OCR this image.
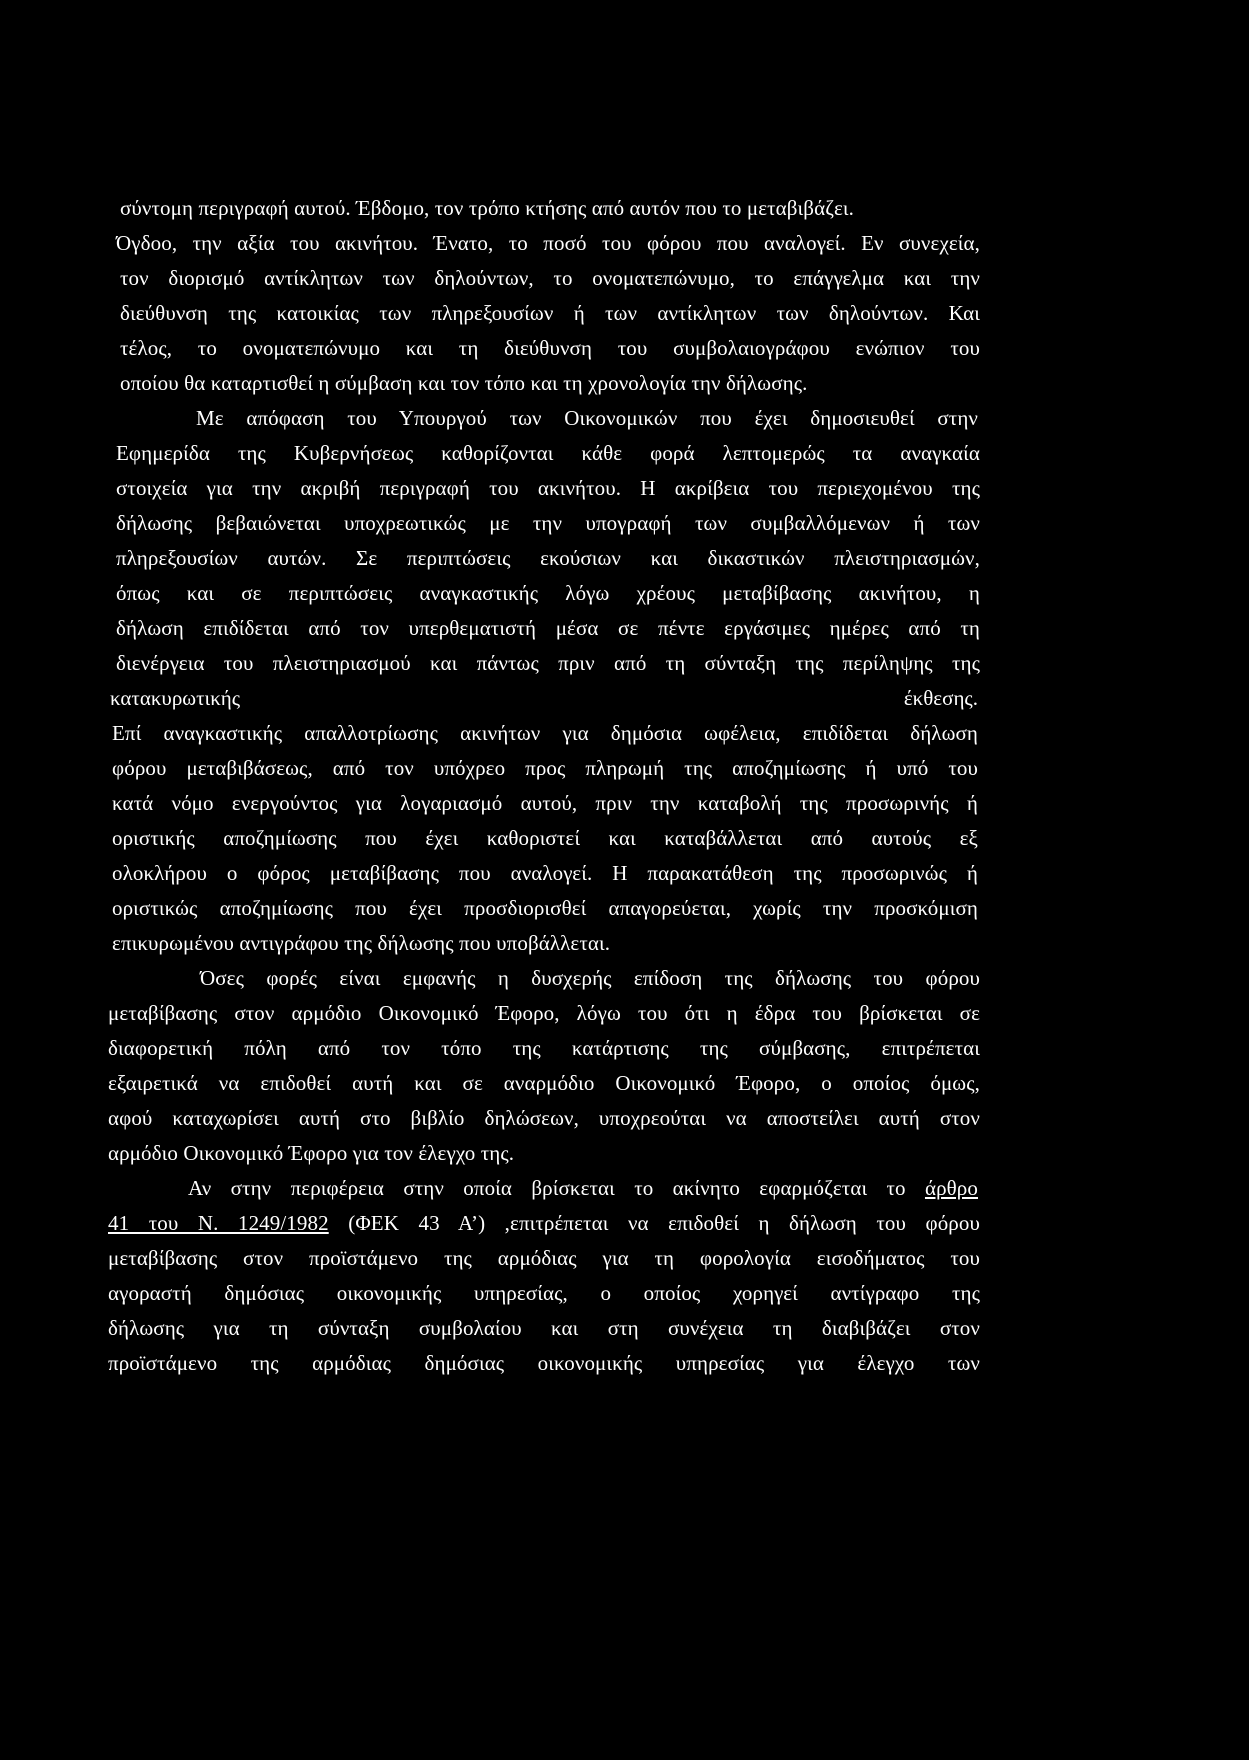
σύντομη περιγραφή αυτού. Έβδομο, τον τρόπο κτήσης από αυτόν που το μεταβιβάζει.
Όγδοο, την αξία του ακινήτου. Ένατο, το ποσό του φόρου που αναλογεί. Εν συνεχεία,
τον διορισμό αντίκλητων των δηλούντων, το ονοματεπώνυμο, το επάγγελμα και την
διεύθυνση της κατοικίας των πληρεξουσίων ή των αντίκλητων των δηλούντων. Και
τέλος, το ονοματεπώνυμο και τη διεύθυνση του συμβολαιογράφου ενώπιον του
οποίου θα καταρτισθεί η σύμβαση και τον τόπο και τη χρονολογία την δήλωσης.
Με απόφαση του Υπουργού των Οικονομικών που έχει δημοσιευθεί στην
Εφημερίδα της Κυβερνήσεως καθορίζονται κάθε φορά λεπτομερώς τα αναγκαία
στοιχεία για την ακριβή περιγραφή του ακινήτου. Η ακρίβεια του περιεχομένου της
δήλωσης βεβαιώνεται υποχρεωτικώς με την υπογραφή των συμβαλλόμενων ή των
πληρεξουσίων αυτών. Σε περιπτώσεις εκούσιων και δικαστικών πλειστηριασμών,
όπως και σε περιπτώσεις αναγκαστικής λόγω χρέους μεταβίβασης ακινήτου, η
δήλωση επιδίδεται από τον υπερθεματιστή μέσα σε πέντε εργάσιμες ημέρες από τη
διενέργεια του πλειστηριασμού και πάντως πριν από τη σύνταξη της περίληψης της
κατακυρωτικής	έκθεσης.
Επί αναγκαστικής απαλλοτρίωσης ακινήτων για δημόσια ωφέλεια, επιδίδεται δήλωση
φόρου μεταβιβάσεως, από τον υπόχρεο προς πληρωμή της αποζημίωσης ή υπό του
κατά νόμο ενεργούντος για λογαριασμό αυτού, πριν την καταβολή της προσωρινής ή
οριστικής αποζημίωσης που έχει καθοριστεί και καταβάλλεται από αυτούς εξ
ολοκλήρου ο φόρος μεταβίβασης που αναλογεί. Η παρακατάθεση της προσωρινώς ή
οριστικώς αποζημίωσης που έχει προσδιορισθεί απαγορεύεται, χωρίς την προσκόμιση
επικυρωμένου αντιγράφου της δήλωσης που υποβάλλεται.
Όσες φορές είναι εμφανής η δυσχερής επίδοση της δήλωσης του φόρου
μεταβίβασης στον αρμόδιο Οικονομικό Έφορο, λόγω του ότι η έδρα του βρίσκεται σε
διαφορετική πόλη από τον τόπο της κατάρτισης της σύμβασης, επιτρέπεται
εξαιρετικά να επιδοθεί αυτή και σε αναρμόδιο Οικονομικό Έφορο, ο οποίος όμως,
αφού καταχωρίσει αυτή στο βιβλίο δηλώσεων, υποχρεούται να αποστείλει αυτή στον
αρμόδιο Οικονομικό Έφορο για τον έλεγχο της.
Αν στην περιφέρεια στην οποία βρίσκεται το ακίνητο εφαρμόζεται το άρθρο
41 του Ν. 1249/1982 (ΦΕΚ 43 Α’) ,επιτρέπεται να επιδοθεί η δήλωση του φόρου
μεταβίβασης στον προϊστάμενο της αρμόδιας για τη φορολογία εισοδήματος του
αγοραστή δημόσιας οικονομικής υπηρεσίας, ο οποίος χορηγεί αντίγραφο της
δήλωσης για τη σύνταξη συμβολαίου και στη συνέχεια τη διαβιβάζει στον
προϊστάμενο της αρμόδιας δημόσιας οικονομικής υπηρεσίας για έλεγχο των
